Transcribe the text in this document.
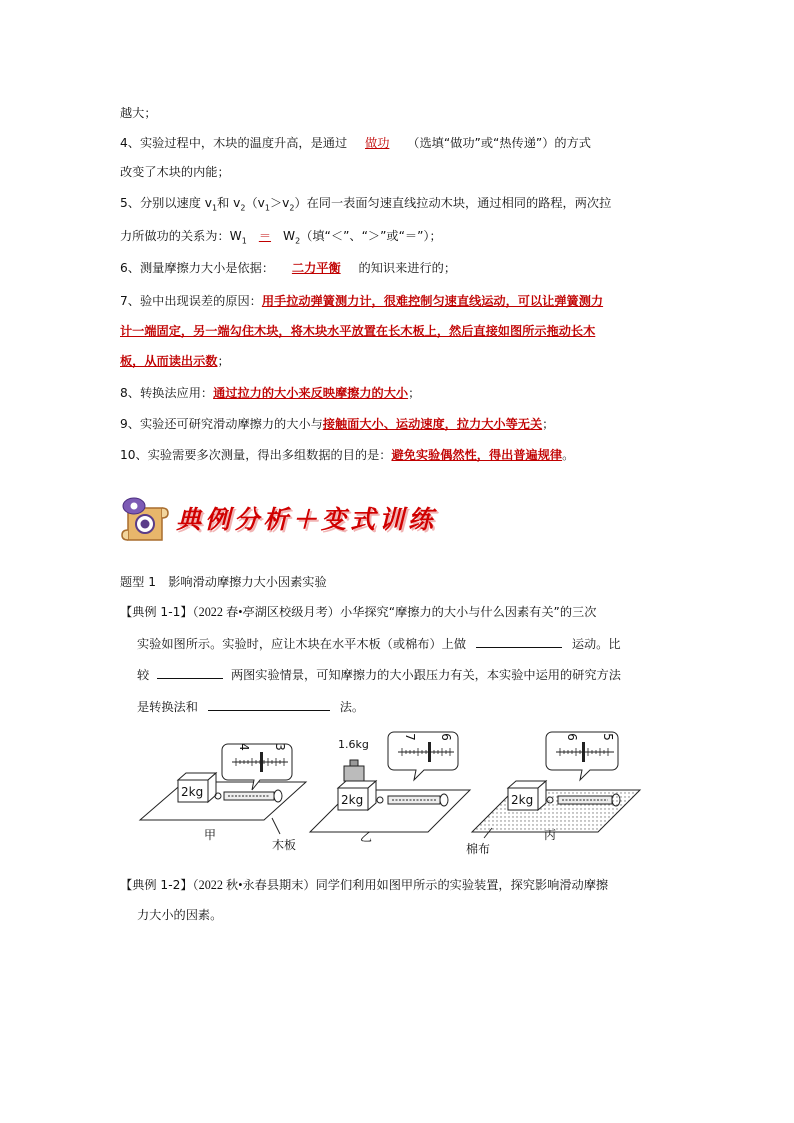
越大；
4、实验过程中，木块的温度升高，是通过 做功 （选填“做功”或“热传递”）的方式
改变了木块的内能；
5、分别以速度 $v_1$和 $v_2(v_1>v_2)$在同一表面匀速直线拉动木块，通过相同的路程，两次拉
力所做功的关系为：$W_1 = W_2$（填“＜”、“＞”或“＝”）；
6、测量摩擦力大小是依据： 二力平衡 的知识来进行的；
7、验中出现误差的原因：用手拉动弹簧测力计，很难控制匀速直线运动，可以让弹簧测力
计一端固定，另一端勾住木块，将木块水平放置在长木板上，然后直接如图所示拖动长木
板，从而读出示数；
8、转换法应用：通过拉力的大小来反映摩擦力的大小；
9、实验还可研究滑动摩擦力的大小与接触面大小、运动速度，拉力大小等无关；
10、实验需要多次测量，得出多组数据的目的是：避免实验偶然性，得出普遍规律。
典例分析＋变式训练
题型 1　影响滑动摩擦力大小因素实验
【典例 1-1】（2022 春•亭湖区校级月考）小华探究“摩擦力的大小与什么因素有关”的三次
实验如图所示。实验时，应让木块在水平木板（或棉布）上做	运动。比
较	两图实验情景，可知摩擦力的大小跟压力有关，本实验中运用的研究方法
是转换法和	法。
4 3
7 6	6 5
1.6kg
2kg
2kg	2kg
甲
木板
乙	丙
棉布
【典例 1-2】（2022 秋•永春县期末）同学们利用如图甲所示的实验装置，探究影响滑动摩擦
力大小的因素。
